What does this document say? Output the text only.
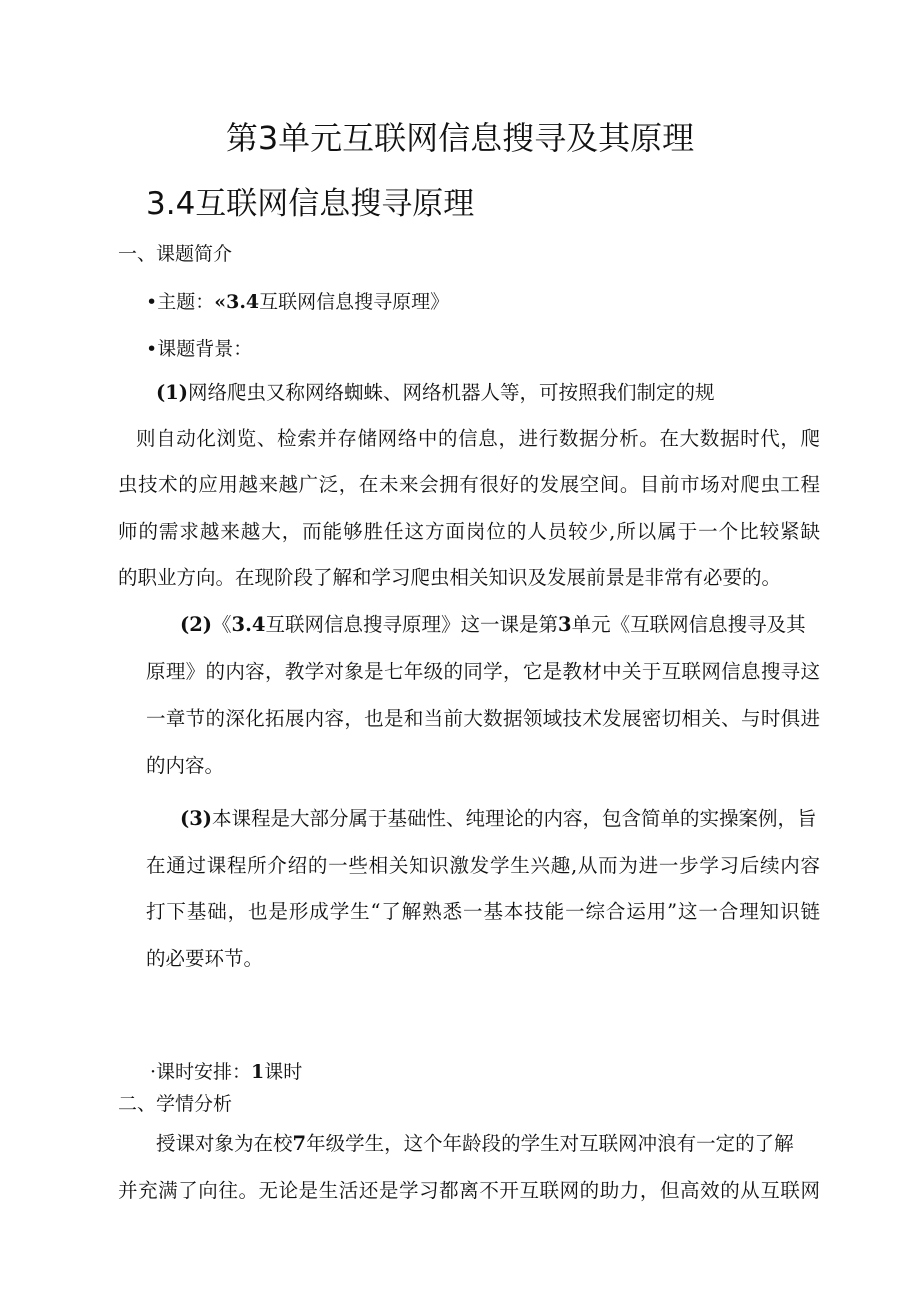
第3单元互联网信息搜寻及其原理
3.4互联网信息搜寻原理
一、课题简介
•主题：«3.4互联网信息搜寻原理》
•课题背景：
(1)网络爬虫又称网络蜘蛛、网络机器人等，可按照我们制定的规
则自动化浏览、检索并存储网络中的信息，进行数据分析。在大数据时代，爬
虫技术的应用越来越广泛，在未来会拥有很好的发展空间。目前市场对爬虫工程
师的需求越来越大，而能够胜任这方面岗位的人员较少,所以属于一个比较紧缺
的职业方向。在现阶段了解和学习爬虫相关知识及发展前景是非常有必要的。
(2)《3.4互联网信息搜寻原理》这一课是第3单元《互联网信息搜寻及其
原理》的内容，教学对象是七年级的同学，它是教材中关于互联网信息搜寻这
一章节的深化拓展内容，也是和当前大数据领域技术发展密切相关、与时俱进
的内容。
(3)本课程是大部分属于基础性、纯理论的内容，包含简单的实操案例，旨
在通过课程所介绍的一些相关知识激发学生兴趣,从而为进一步学习后续内容
打下基础，也是形成学生“了解熟悉一基本技能一综合运用”这一合理知识链
的必要环节。
·课时安排：1课时
二、学情分析
授课对象为在校7年级学生，这个年龄段的学生对互联网冲浪有一定的了解
并充满了向往。无论是生活还是学习都离不开互联网的助力，但高效的从互联网
